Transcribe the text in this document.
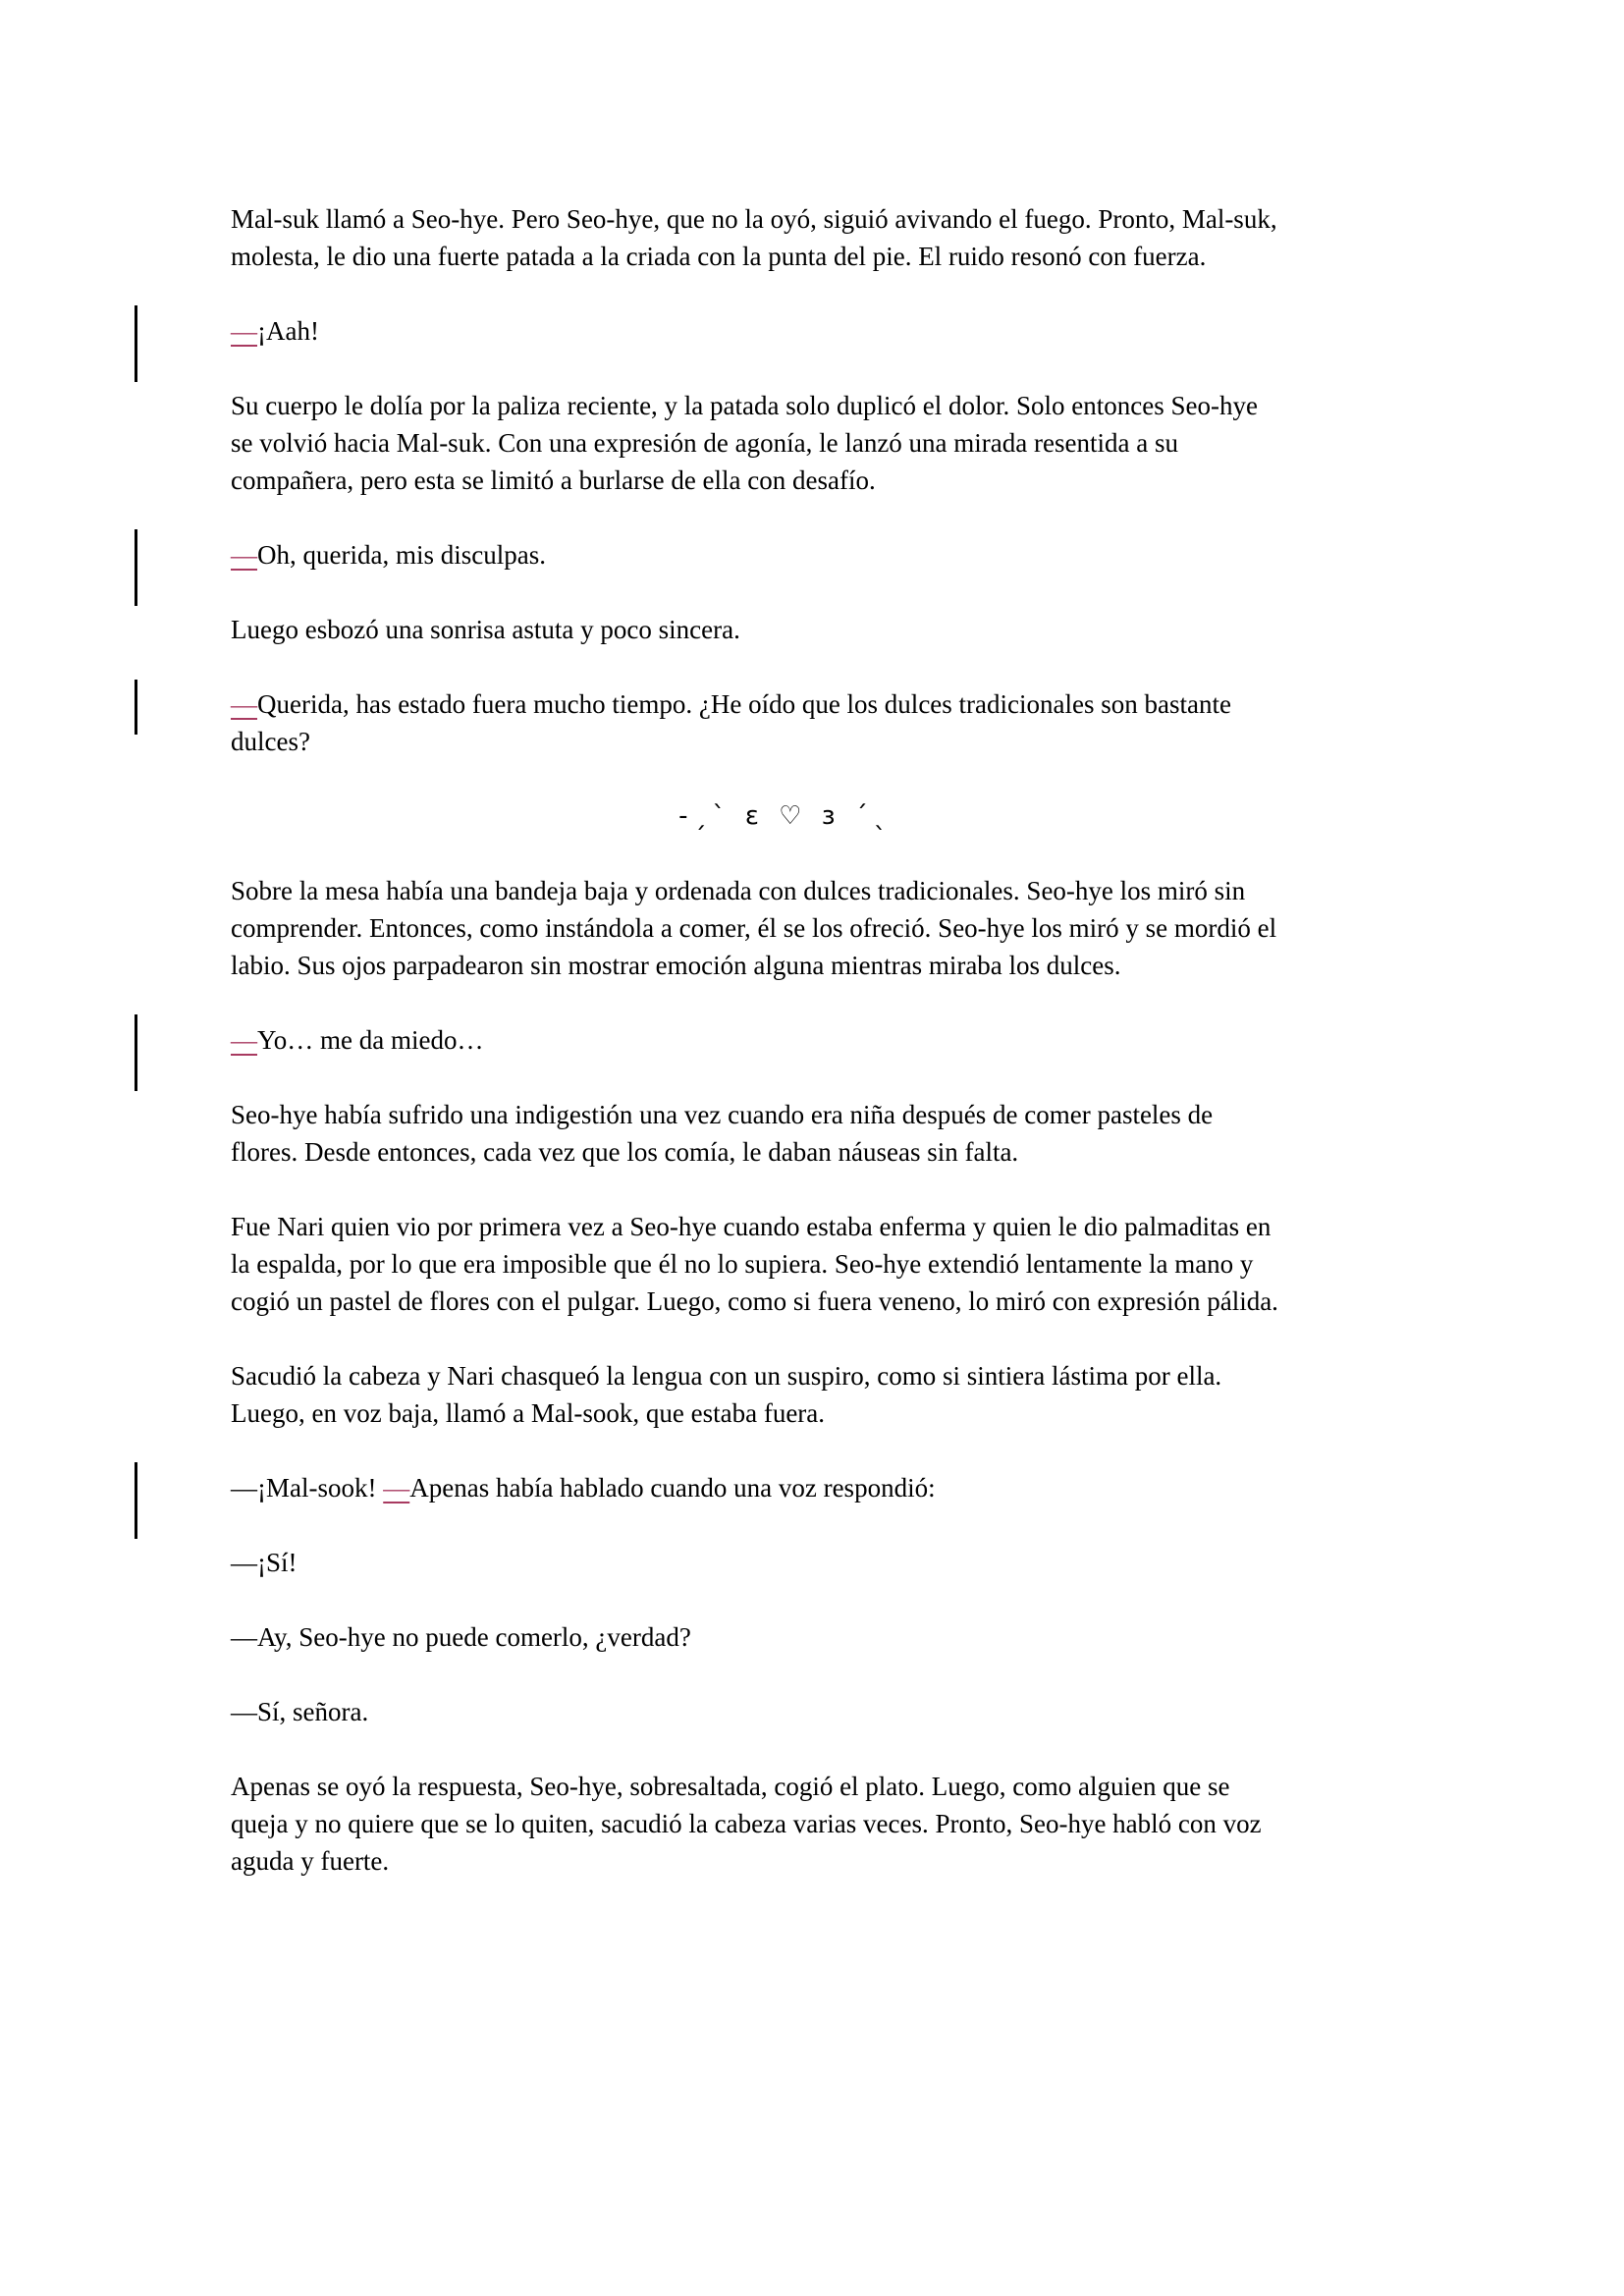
Mal-suk llamó a Seo-hye. Pero Seo-hye, que no la oyó, siguió avivando el fuego. Pronto, Mal-suk, molesta, le dio una fuerte patada a la criada con la punta del pie. El ruido resonó con fuerza.

—¡Aah!

Su cuerpo le dolía por la paliza reciente, y la patada solo duplicó el dolor. Solo entonces Seo-hye se volvió hacia Mal-suk. Con una expresión de agonía, le lanzó una mirada resentida a su compañera, pero esta se limitó a burlarse de ella con desafío.

—Oh, querida, mis disculpas.

Luego esbozó una sonrisa astuta y poco sincera.

—Querida, has estado fuera mucho tiempo. ¿He oído que los dulces tradicionales son bastante dulces?

-ˏˋ ε ♡ з ˊˎ

Sobre la mesa había una bandeja baja y ordenada con dulces tradicionales. Seo-hye los miró sin comprender. Entonces, como instándola a comer, él se los ofreció. Seo-hye los miró y se mordió el labio. Sus ojos parpadearon sin mostrar emoción alguna mientras miraba los dulces.

—Yo… me da miedo…

Seo-hye había sufrido una indigestión una vez cuando era niña después de comer pasteles de flores. Desde entonces, cada vez que los comía, le daban náuseas sin falta.

Fue Nari quien vio por primera vez a Seo-hye cuando estaba enferma y quien le dio palmaditas en la espalda, por lo que era imposible que él no lo supiera. Seo-hye extendió lentamente la mano y cogió un pastel de flores con el pulgar. Luego, como si fuera veneno, lo miró con expresión pálida.

Sacudió la cabeza y Nari chasqueó la lengua con un suspiro, como si sintiera lástima por ella. Luego, en voz baja, llamó a Mal-sook, que estaba fuera.

—¡Mal-sook! —Apenas había hablado cuando una voz respondió:

—¡Sí!

—Ay, Seo-hye no puede comerlo, ¿verdad?

—Sí, señora.

Apenas se oyó la respuesta, Seo-hye, sobresaltada, cogió el plato. Luego, como alguien que se queja y no quiere que se lo quiten, sacudió la cabeza varias veces. Pronto, Seo-hye habló con voz aguda y fuerte.
